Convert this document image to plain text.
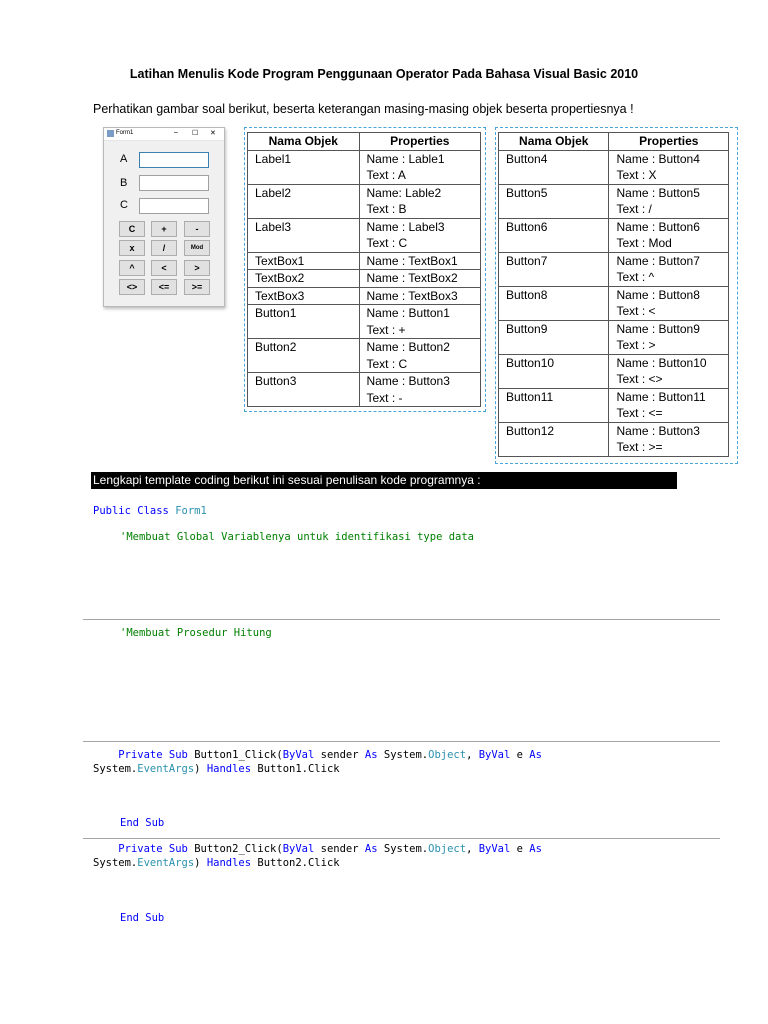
Latihan Menulis Kode Program Penggunaan Operator Pada Bahasa Visual Basic 2010
Perhatikan gambar soal berikut, beserta keterangan masing-masing objek beserta propertiesnya !
Form1	– ☐ ✕
A
B
C
C	+	-
x	/	Mod
^	<	>
<>	<=	>=
Nama Objek	Properties
Label1	Name : Lable1
Text : A

Label2	Name: Lable2
Text : B

Label3	Name : Label3
Text : C

TextBox1	Name : TextBox1

TextBox2	Name : TextBox2

TextBox3	Name : TextBox3

Button1	Name : Button1
Text : +

Button2	Name : Button2
Text : C

Button3	Name : Button3
Text : -
Nama Objek	Properties
Button4	Name : Button4
Text : X

Button5	Name : Button5
Text : /

Button6	Name : Button6
Text : Mod

Button7	Name : Button7
Text : ^

Button8	Name : Button8
Text : <

Button9	Name : Button9
Text : >

Button10	Name : Button10
Text : <>

Button11	Name : Button11
Text : <=

Button12	Name : Button3
Text : >=
Lengkapi template coding berikut ini sesuai penulisan kode programnya :
Public Class Form1
'Membuat Global Variablenya untuk identifikasi type data
'Membuat Prosedur Hitung
Private Sub Button1_Click(ByVal sender As System.Object, ByVal e As
System.EventArgs) Handles Button1.Click
End Sub
Private Sub Button2_Click(ByVal sender As System.Object, ByVal e As
System.EventArgs) Handles Button2.Click
End Sub
